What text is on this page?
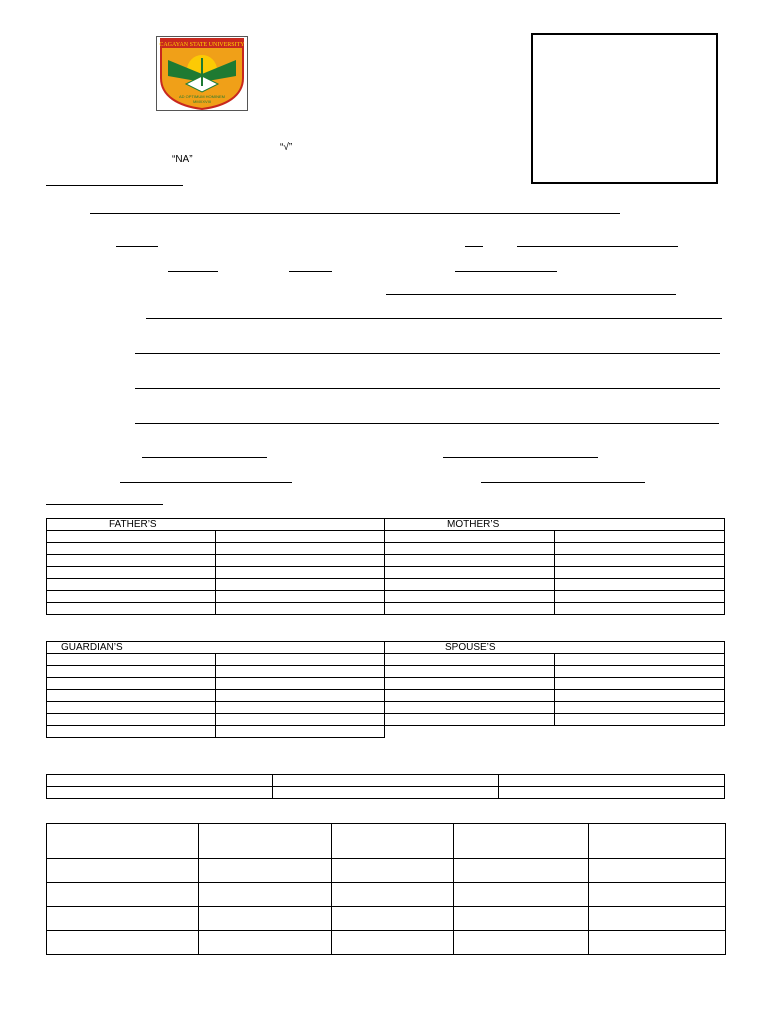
CAGAYAN STATE UNIVERSITY
AD OPTIMUM HOMINEM
MMXXVIII
“√”
“NA”
FATHER’S		MOTHER’S	

GUARDIAN’S		SPOUSE’S	
